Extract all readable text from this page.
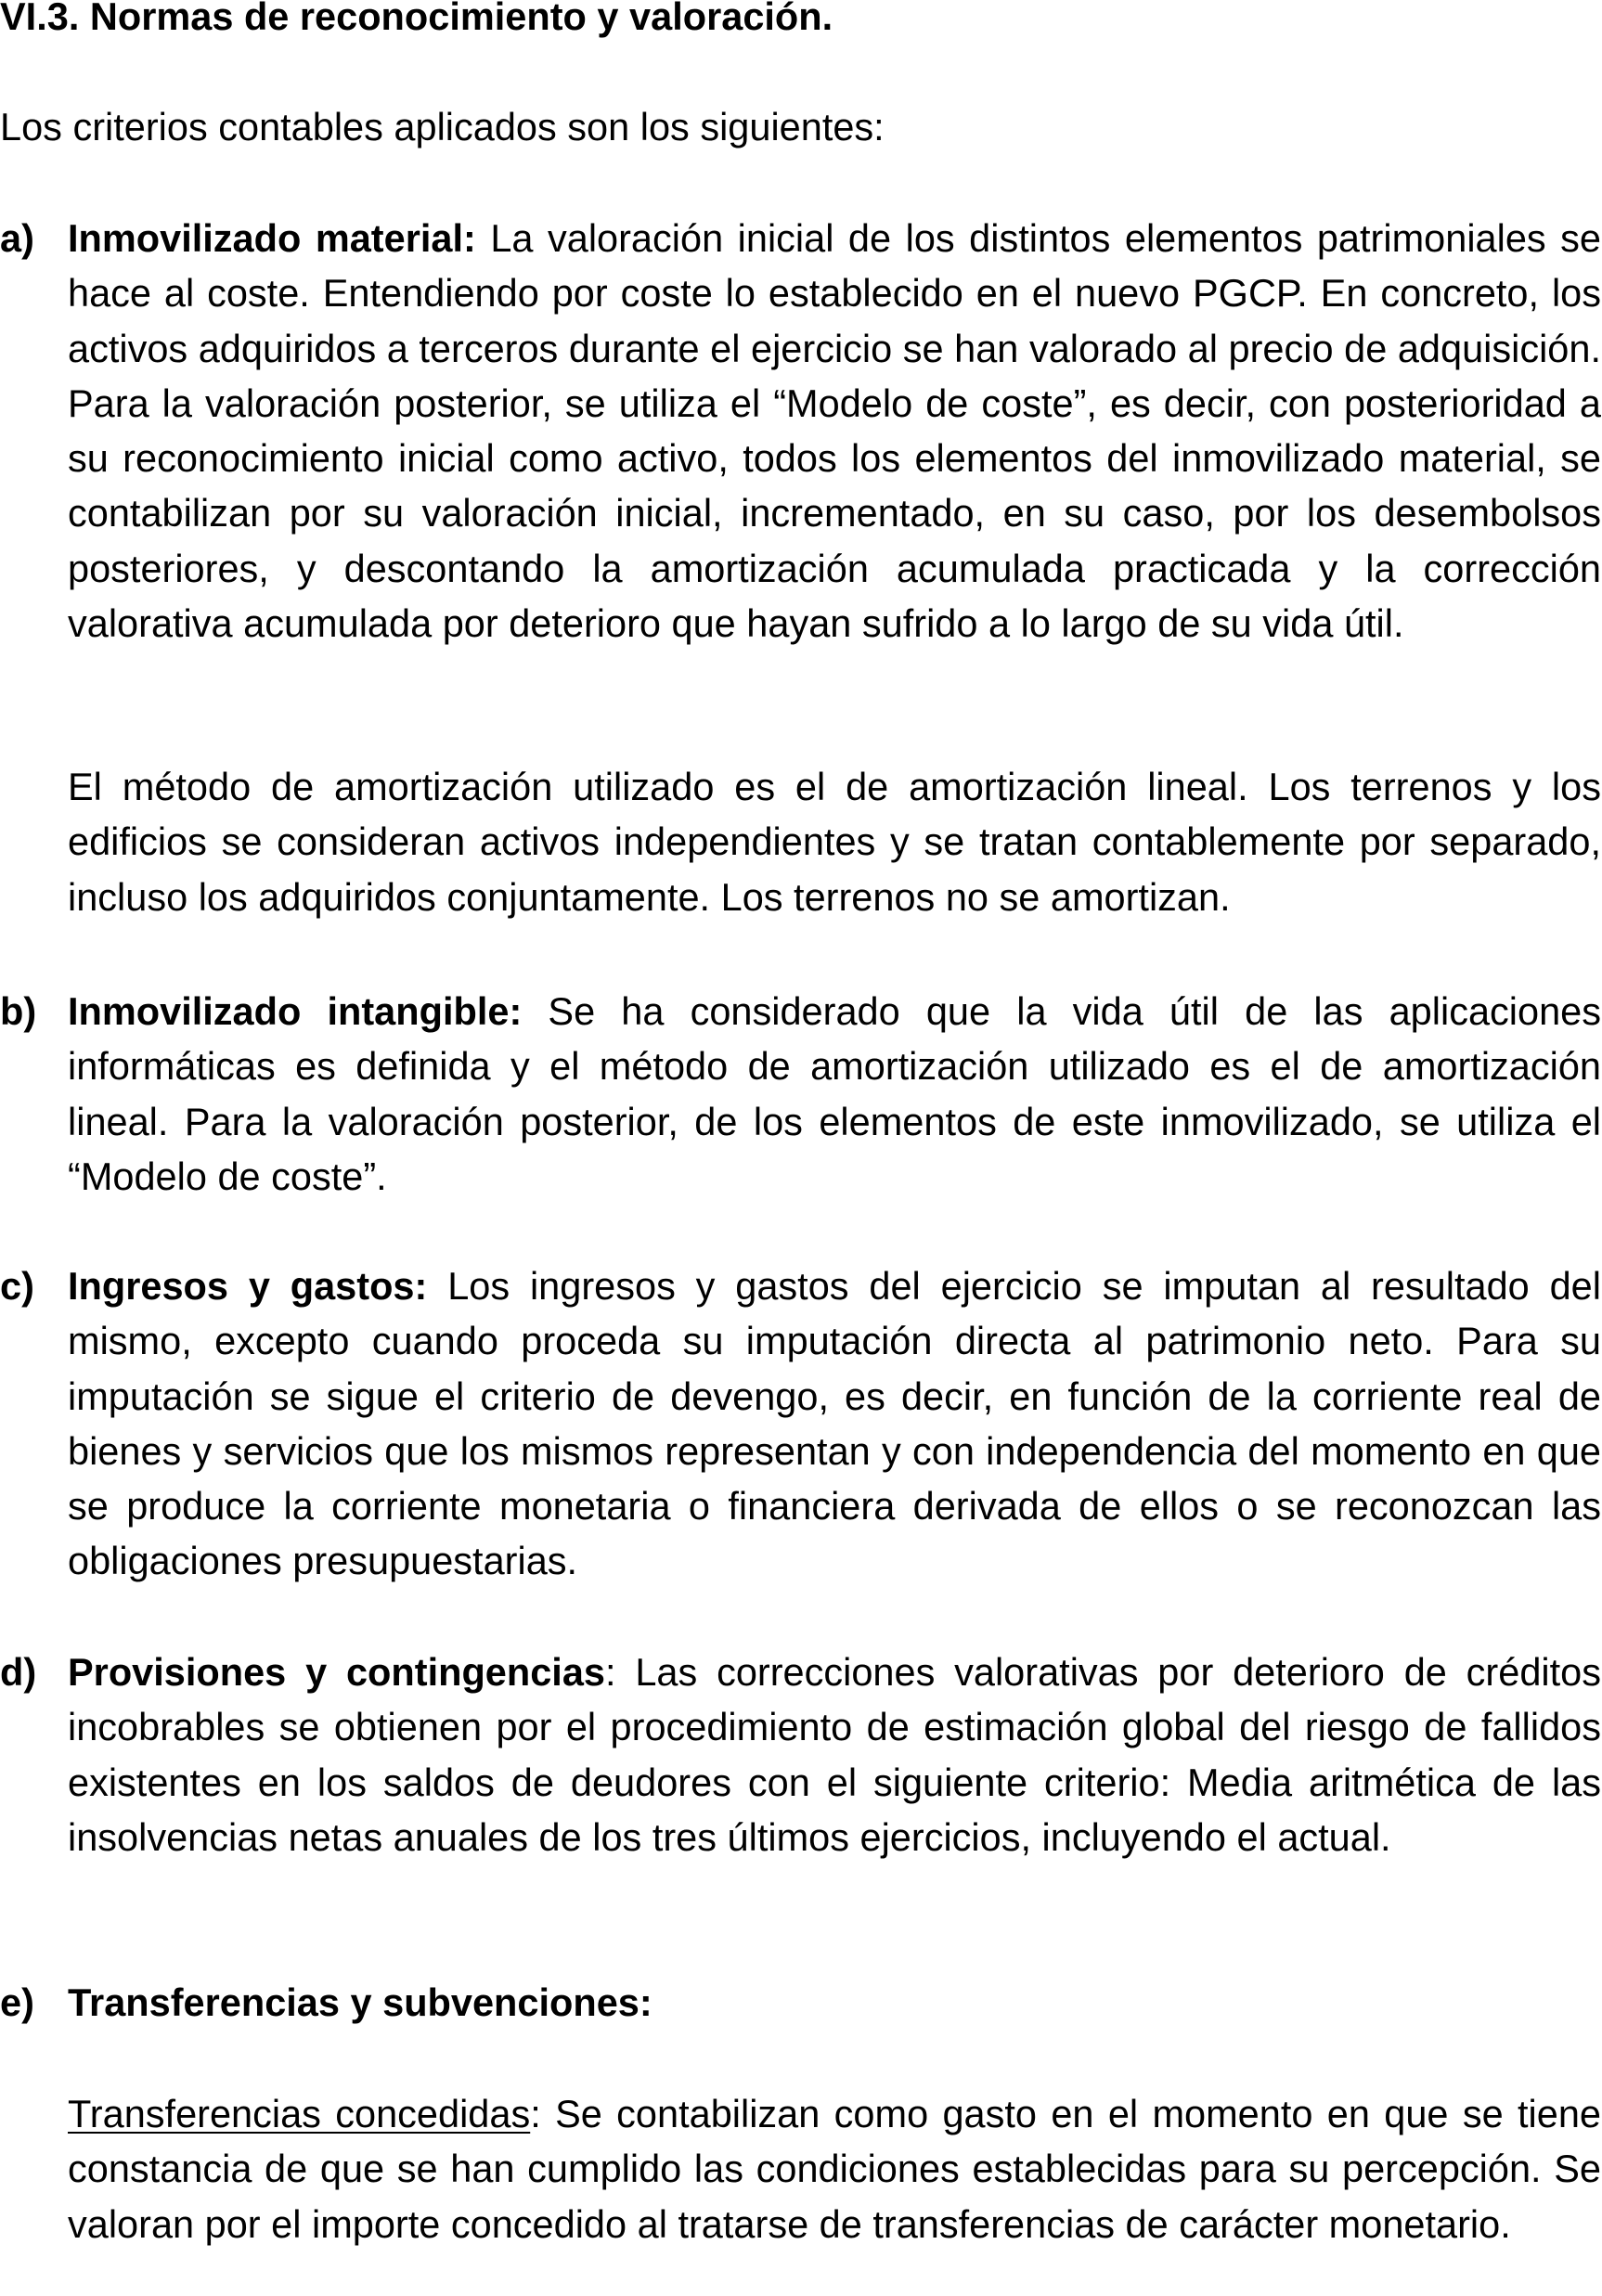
VI.3. Normas de reconocimiento y valoración.
Los criterios contables aplicados son los siguientes:
a) Inmovilizado material: La valoración inicial de los distintos elementos patrimoniales se hace al coste. Entendiendo por coste lo establecido en el nuevo PGCP. En concreto, los activos adquiridos a terceros durante el ejercicio se han valorado al precio de adquisición. Para la valoración posterior, se utiliza el “Modelo de coste”, es decir, con posterioridad a su reconocimiento inicial como activo, todos los elementos del inmovilizado material, se contabilizan por su valoración inicial, incrementado, en su caso, por los desembolsos posteriores, y descontando la amortización acumulada practicada y la corrección valorativa acumulada por deterioro que hayan sufrido a lo largo de su vida útil.
El método de amortización utilizado es el de amortización lineal. Los terrenos y los edificios se consideran activos independientes y se tratan contablemente por separado, incluso los adquiridos conjuntamente. Los terrenos no se amortizan.
b) Inmovilizado intangible: Se ha considerado que la vida útil de las aplicaciones informáticas es definida y el método de amortización utilizado es el de amortización lineal. Para la valoración posterior, de los elementos de este inmovilizado, se utiliza el “Modelo de coste”.
c) Ingresos y gastos: Los ingresos y gastos del ejercicio se imputan al resultado del mismo, excepto cuando proceda su imputación directa al patrimonio neto. Para su imputación se sigue el criterio de devengo, es decir, en función de la corriente real de bienes y servicios que los mismos representan y con independencia del momento en que se produce la corriente monetaria o financiera derivada de ellos o se reconozcan las obligaciones presupuestarias.
d) Provisiones y contingencias: Las correcciones valorativas por deterioro de créditos incobrables se obtienen por el procedimiento de estimación global del riesgo de fallidos existentes en los saldos de deudores con el siguiente criterio: Media aritmética de las insolvencias netas anuales de los tres últimos ejercicios, incluyendo el actual.
e) Transferencias y subvenciones:
Transferencias concedidas: Se contabilizan como gasto en el momento en que se tiene constancia de que se han cumplido las condiciones establecidas para su percepción. Se valoran por el importe concedido al tratarse de transferencias de carácter monetario.
